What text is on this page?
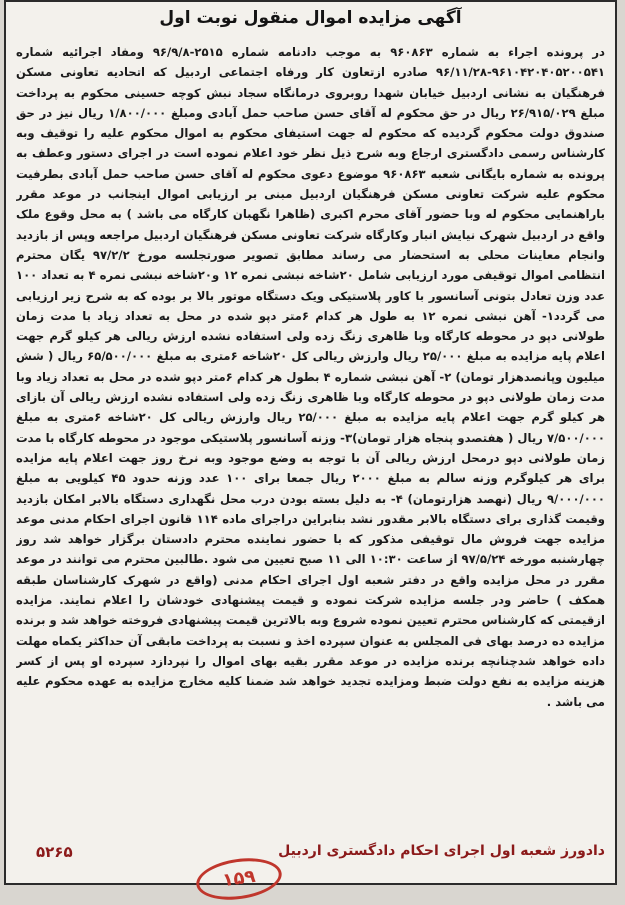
آگهی مزایده اموال منقول نوبت اول
در پرونده اجراء به شماره ۹۶۰۸۶۳ به موجب دادنامه شماره ۲۵۱۵-۹۶/۹/۸ ومفاد اجرائیه شماره ۹۶۱۰۴۲۰۴۰۵۲۰۰۵۴۱-۹۶/۱۱/۲۸ صادره ازتعاون کار ورفاه اجتماعی اردبیل که اتحادیه تعاونی مسکن فرهنگیان به نشانی اردبیل خیابان شهدا روبروی درمانگاه سجاد نبش کوچه حسینی محکوم به پرداخت مبلغ ۲۶/۹۱۵/۰۲۹ ریال در حق محکوم له آقای حسن صاحب حمل آبادی ومبلغ ۱/۸۰۰/۰۰۰ ریال نیز در حق صندوق دولت محکوم گردیده که محکوم له جهت استیفای محکوم به اموال محکوم علیه را توقیف وبه کارشناس رسمی دادگستری ارجاع وبه شرح ذیل نظر خود اعلام نموده است در اجرای دستور وعطف به پرونده به شماره بایگانی شعبه ۹۶۰۸۶۳ موضوع دعوی محکوم له آقای حسن صاحب حمل آبادی بطرفیت محکوم علیه شرکت تعاونی مسکن فرهنگیان اردبیل مبنی بر ارزیابی اموال اینجانب در موعد مقرر باراهنمایی محکوم له وبا حضور آقای محرم اکبری (ظاهرا نگهبان کارگاه می باشد ) به محل وقوع ملک واقع در اردبیل شهرک نیایش انبار وکارگاه شرکت تعاونی مسکن فرهنگیان اردبیل مراجعه وپس از بازدید وانجام معاینات محلی به استحضار می رساند مطابق تصویر صورتجلسه مورخ ۹۷/۲/۲ یگان محترم انتظامی اموال توقیفی مورد ارزیابی شامل ۲۰شاخه نبشی نمره ۱۲ و۲۰شاخه نبشی نمره ۴ به تعداد ۱۰۰ عدد وزن تعادل بتونی آسانسور با کاور پلاستیکی ویک دستگاه موتور بالا بر بوده که به شرح زیر ارزیابی می گردد۱- آهن نبشی نمره ۱۲ به طول هر کدام ۶متر دپو شده در محل به تعداد زیاد با مدت زمان طولانی دپو در محوطه کارگاه وبا ظاهری زنگ زده ولی استفاده نشده ارزش ریالی هر کیلو گرم جهت اعلام پایه مزایده به مبلغ ۲۵/۰۰۰ ریال وارزش ریالی کل ۲۰شاخه ۶متری به مبلغ ۶۵/۵۰۰/۰۰۰ ریال ( شش میلیون وپانصدهزار تومان) ۲- آهن نبشی شماره ۴ بطول هر کدام ۶متر دپو شده در محل به تعداد زیاد وبا مدت زمان طولانی دپو در محوطه کارگاه وبا ظاهری زنگ زده ولی استفاده نشده ارزش ریالی آن بازای هر کیلو گرم جهت اعلام پایه مزایده به مبلغ ۲۵/۰۰۰ ریال وارزش ریالی کل ۲۰شاخه ۶متری به مبلغ ۷/۵۰۰/۰۰۰ ریال ( هفتصدو پنجاه هزار تومان)۳- وزنه آسانسور پلاستیکی موجود در محوطه کارگاه با مدت زمان طولانی دپو درمحل ارزش ریالی آن با توجه به وضع موجود وبه نرخ روز جهت اعلام پایه مزایده برای هر کیلوگرم وزنه سالم به مبلغ ۲۰۰۰ ریال جمعا برای ۱۰۰ عدد وزنه حدود ۴۵ کیلویی به مبلغ ۹/۰۰۰/۰۰۰ ریال (نهصد هزارتومان) ۴- به دلیل بسته بودن درب محل نگهداری دستگاه بالابر امکان بازدید وقیمت گذاری برای دستگاه بالابر مقدور نشد بنابراین دراجرای ماده ۱۱۴ قانون اجرای احکام مدنی موعد مزایده جهت فروش مال توقیفی مذکور که با حضور نماینده محترم دادستان برگزار خواهد شد روز چهارشنبه مورخه ۹۷/۵/۲۴ از ساعت ۱۰:۳۰ الی ۱۱ صبح تعیین می شود .طالبین محترم می توانند در موعد مقرر در محل مزایده واقع در دفتر شعبه اول اجرای احکام مدنی (واقع در شهرک کارشناسان طبقه همکف ) حاضر ودر جلسه مزایده شرکت نموده و قیمت پیشنهادی خودشان را اعلام نمایند. مزایده ازقیمتی که کارشناس محترم تعیین نموده شروع وبه بالاترین قیمت پیشنهادی فروخته خواهد شد و برنده مزایده ده درصد بهای فی المجلس به عنوان سپرده اخذ و نسبت به پرداخت مابقی آن حداکثر یکماه مهلت داده خواهد شدچنانچه برنده مزایده در موعد مقرر بقیه بهای اموال را نپردازد سپرده او پس از کسر هزینه مزایده به نفع دولت ضبط ومزایده تجدید خواهد شد ضمنا کلیه مخارج مزایده به عهده محکوم علیه می باشد .
دادورز شعبه اول اجرای احکام دادگستری اردبیل
۵۲۶۵
۱۵۹
